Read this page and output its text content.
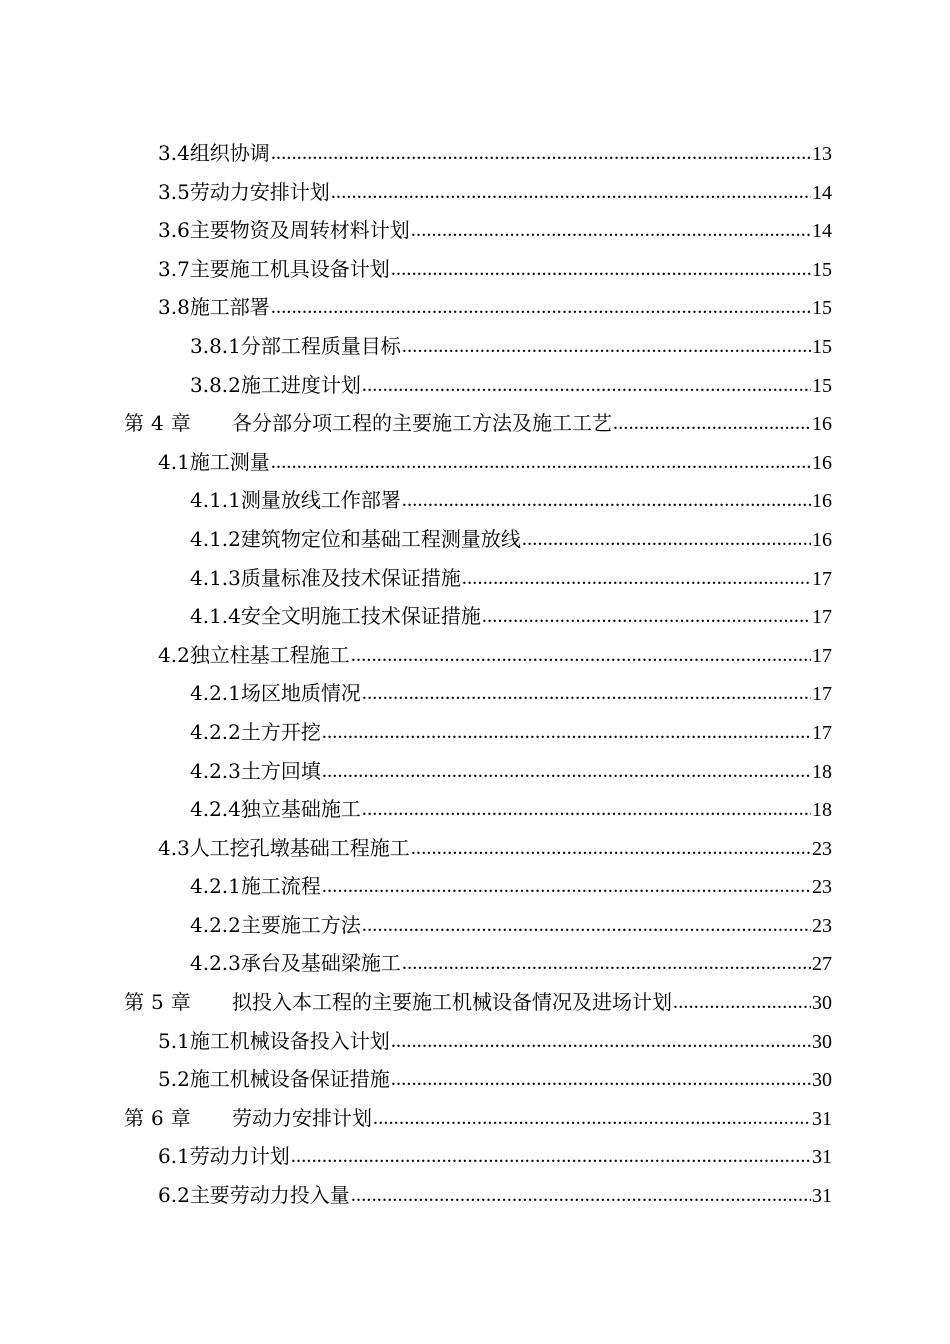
3.4 组织协调 .....	13
3.5 劳动力安排计划 .....	14
3.6 主要物资及周转材料计划 .....	14
3.7 主要施工机具设备计划 .....	15
3.8 施工部署 .....	15
3.8.1 分部工程质量目标 .....	15
3.8.2 施工进度计划 .....	15
第 4 章	各分部分项工程的主要施工方法及施工工艺 .....	16
4.1 施工测量 .....	16
4.1.1 测量放线工作部署 .....	16
4.1.2 建筑物定位和基础工程测量放线 .....	16
4.1.3 质量标准及技术保证措施 .....	17
4.1.4 安全文明施工技术保证措施 .....	17
4.2 独立柱基工程施工 .....	17
4.2.1 场区地质情况 .....	17
4.2.2 土方开挖 .....	17
4.2.3 土方回填 .....	18
4.2.4 独立基础施工 .....	18
4.3 人工挖孔墩基础工程施工 .....	23
4.2.1 施工流程 .....	23
4.2.2 主要施工方法 .....	23
4.2.3 承台及基础梁施工 .....	27
第 5 章	拟投入本工程的主要施工机械设备情况及进场计划 .....	30
5.1 施工机械设备投入计划 .....	30
5.2 施工机械设备保证措施 .....	30
第 6 章	劳动力安排计划 .....	31
6.1 劳动力计划 .....	31
6.2 主要劳动力投入量 .....	31
